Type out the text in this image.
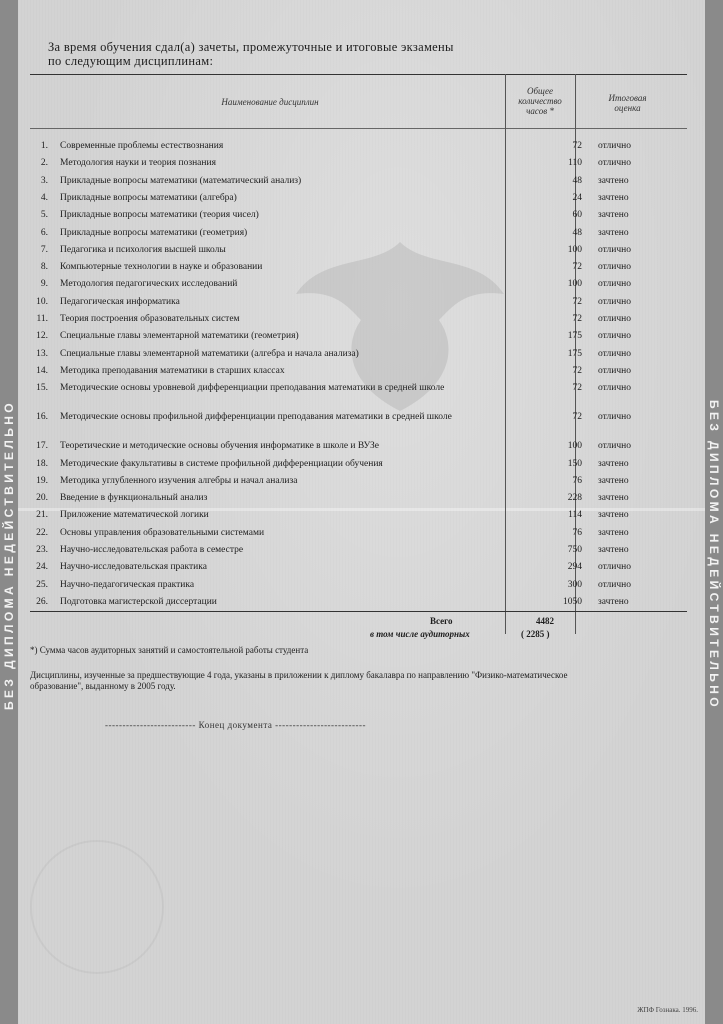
БЕЗ ДИПЛОМА НЕДЕЙСТВИТЕЛЬНО	БЕЗ ДИПЛОМА НЕДЕЙСТВИТЕЛЬНО
За время обучения сдал(а) зачеты, промежуточные и итоговые экзамены
по следующим дисциплинам:
Наименование дисциплин
Общее
количество
часов *
Итоговая
оценка
1. Современные проблемы естествознания	72 отлично
2. Методология науки и теория познания	110 отлично
3. Прикладные вопросы математики (математический анализ)	48 зачтено
4. Прикладные вопросы математики (алгебра)	24 зачтено
5. Прикладные вопросы математики (теория чисел)	60 зачтено
6. Прикладные вопросы математики (геометрия)	48 зачтено
7. Педагогика и психология высшей школы	100 отлично
8. Компьютерные технологии в науке и образовании	72 отлично
9. Методология педагогических исследований	100 отлично
10. Педагогическая информатика	72 отлично
11. Теория построения образовательных систем	72 отлично
12. Специальные главы элементарной математики (геометрия)	175 отлично
13. Специальные главы элементарной математики (алгебра и начала анализа)	175 отлично
14. Методика преподавания математики в старших классах	72 отлично
15. Методические основы уровневой дифференциации преподавания математики в средней школе	72 отлично
16. Методические основы профильной дифференциации преподавания математики в средней школе	72 отлично
17. Теоретические и методические основы обучения информатике в школе и ВУЗе	100 отлично
18. Методические факультативы в системе профильной дифференциации обучения	150 зачтено
19. Методика углубленного изучения алгебры и начал анализа	76 зачтено
20. Введение в функциональный анализ	228 зачтено
21. Приложение математической логики	114 зачтено
22. Основы управления образовательными системами	76 зачтено
23. Научно-исследовательская работа в семестре	750 зачтено
24. Научно-исследовательская практика	294 отлично
25. Научно-педагогическая практика	300 отлично
26. Подготовка магистерской диссертации	1050 зачтено
Всего	4482
в том числе аудиторных	( 2285 )
*) Сумма часов аудиторных занятий и самостоятельной работы студента
Дисциплины, изученные за предшествующие 4 года, указаны в приложении к диплому бакалавра по направлению "Физико-математическое
образование", выданному в 2005 году.
-------------------------- Конец документа --------------------------
ЖПФ Гознака. 1996.
